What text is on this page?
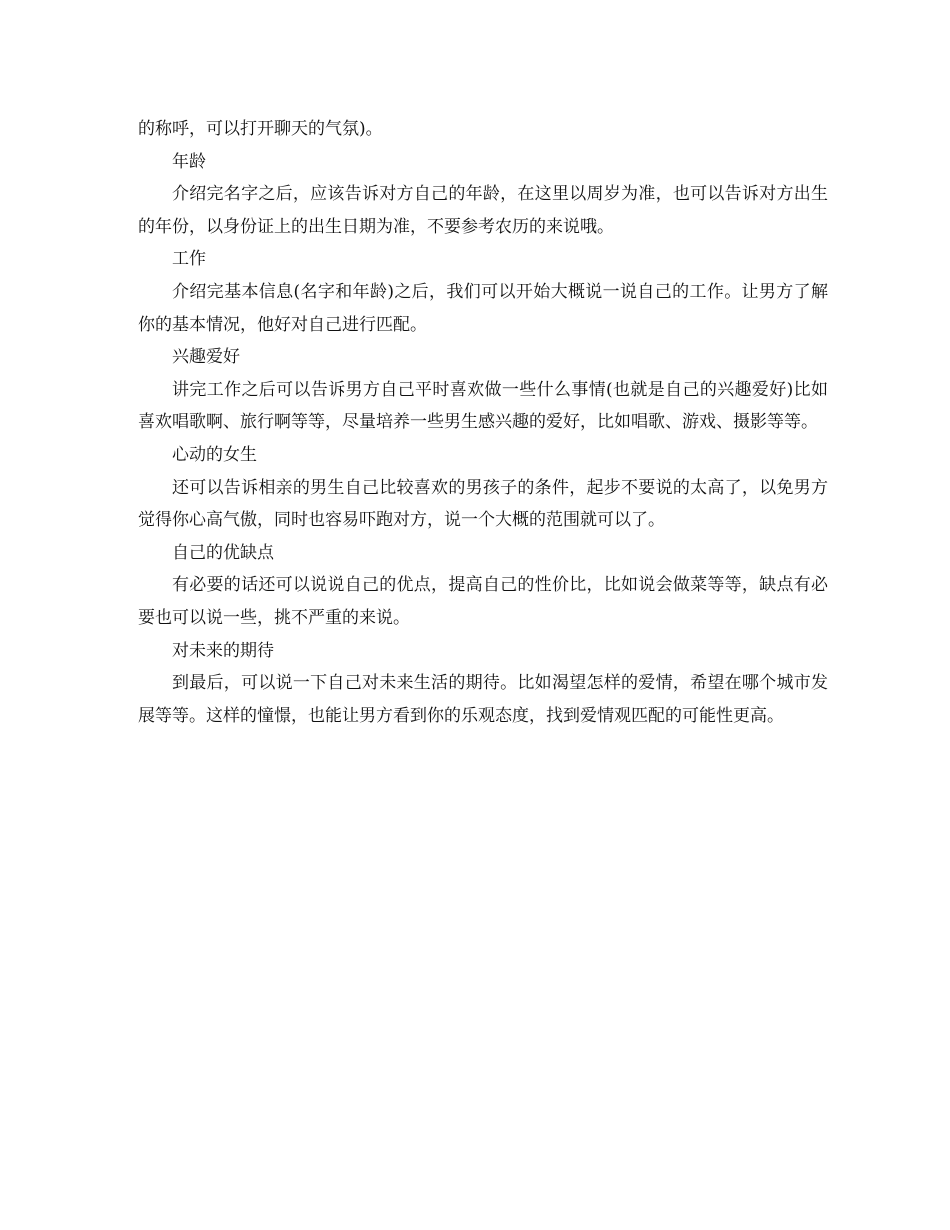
的称呼，可以打开聊天的气氛)。

年龄

介绍完名字之后，应该告诉对方自己的年龄，在这里以周岁为准，也可以告诉对方出生的年份，以身份证上的出生日期为准，不要参考农历的来说哦。

工作

介绍完基本信息(名字和年龄)之后，我们可以开始大概说一说自己的工作。让男方了解你的基本情况，他好对自己进行匹配。

兴趣爱好

讲完工作之后可以告诉男方自己平时喜欢做一些什么事情(也就是自己的兴趣爱好)比如喜欢唱歌啊、旅行啊等等，尽量培养一些男生感兴趣的爱好，比如唱歌、游戏、摄影等等。

心动的女生

还可以告诉相亲的男生自己比较喜欢的男孩子的条件，起步不要说的太高了，以免男方觉得你心高气傲，同时也容易吓跑对方，说一个大概的范围就可以了。

自己的优缺点

有必要的话还可以说说自己的优点，提高自己的性价比，比如说会做菜等等，缺点有必要也可以说一些，挑不严重的来说。

对未来的期待

到最后，可以说一下自己对未来生活的期待。比如渴望怎样的爱情，希望在哪个城市发展等等。这样的憧憬，也能让男方看到你的乐观态度，找到爱情观匹配的可能性更高。
